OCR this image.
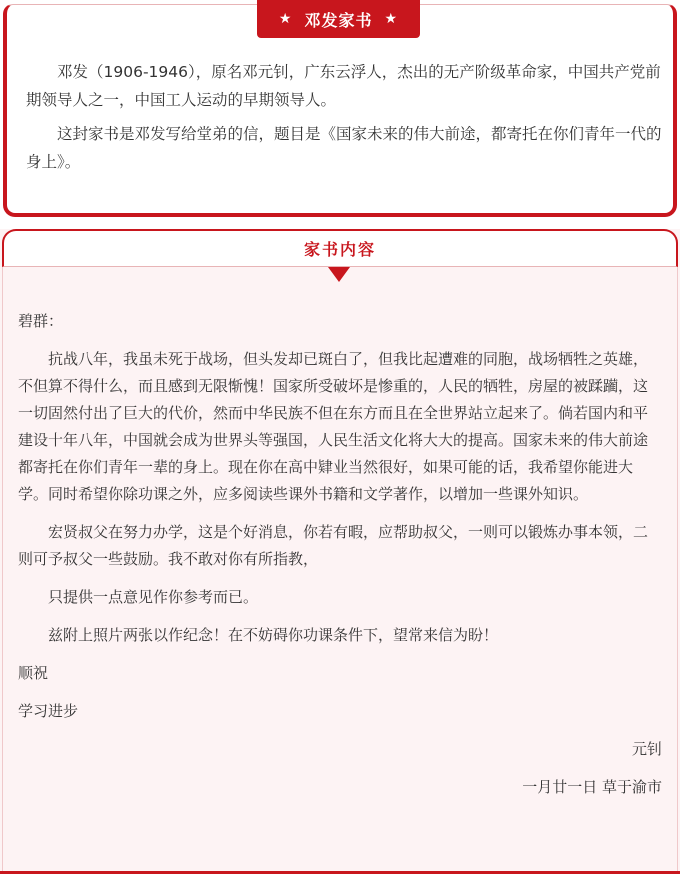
邓发（1906-1946），原名邓元钊，广东云浮人，杰出的无产阶级革命家，中国共产党前期领导人之一，中国工人运动的早期领导人。

这封家书是邓发写给堂弟的信，题目是《国家未来的伟大前途，都寄托在你们青年一代的身上》。

★ 邓发家书 ★
家书内容

碧群：

抗战八年，我虽未死于战场，但头发却已斑白了，但我比起遭难的同胞，战场牺牲之英雄，不但算不得什么，而且感到无限惭愧！国家所受破坏是惨重的，人民的牺牲，房屋的被蹂躏，这一切固然付出了巨大的代价，然而中华民族不但在东方而且在全世界站立起来了。倘若国内和平建设十年八年，中国就会成为世界头等强国，人民生活文化将大大的提高。国家未来的伟大前途都寄托在你们青年一辈的身上。现在你在高中肄业当然很好，如果可能的话，我希望你能进大学。同时希望你除功课之外，应多阅读些课外书籍和文学著作，以增加一些课外知识。

宏贤叔父在努力办学，这是个好消息，你若有暇，应帮助叔父，一则可以锻炼办事本领，二则可予叔父一些鼓励。我不敢对你有所指教，

只提供一点意见作你参考而已。

兹附上照片两张以作纪念！在不妨碍你功课条件下，望常来信为盼！

顺祝

学习进步

元钊

一月廿一日 草于渝市
